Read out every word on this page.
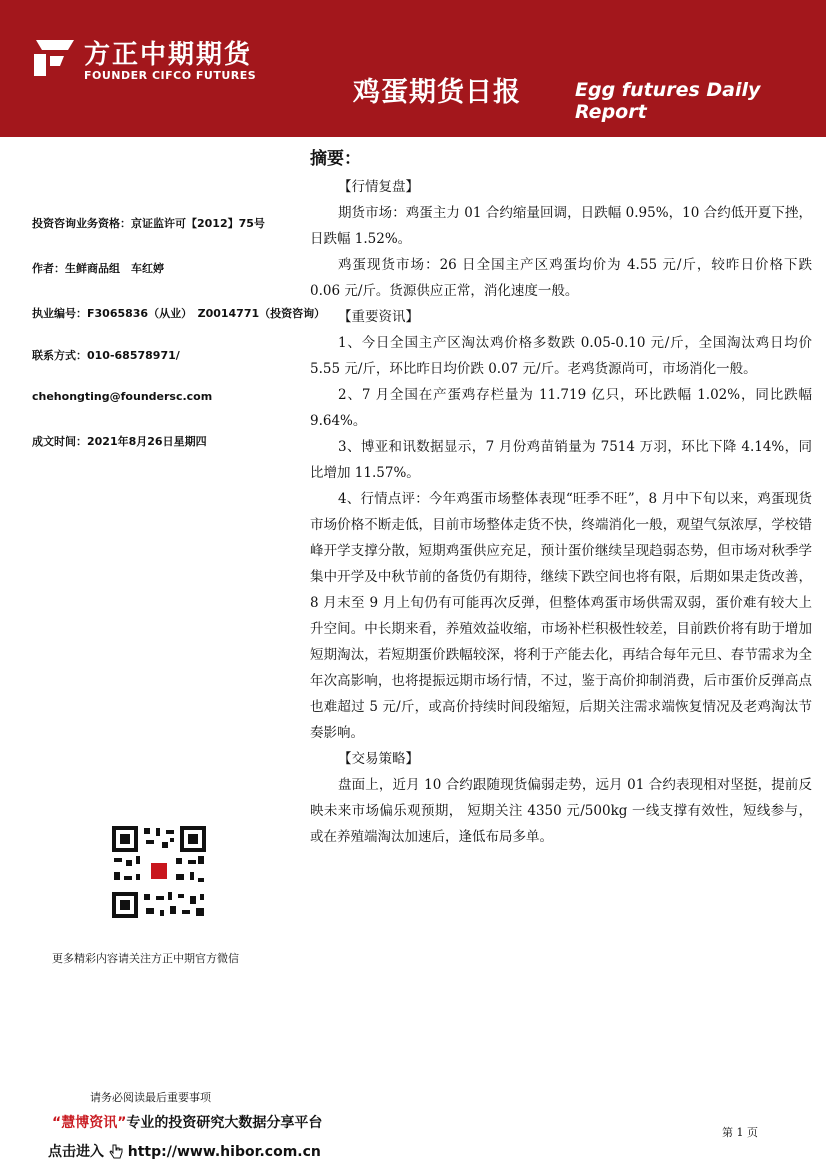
方正中期期货
FOUNDER CIFCO FUTURES
鸡蛋期货日报	Egg futures Daily Report
投资咨询业务资格：京证监许可【2012】75号
作者：生鲜商品组　车红婷
执业编号：F3065836（从业）　Z0014771（投资咨询）
联系方式：010-68578971/
chehongting@foundersc.com
成文时间：2021年8月26日星期四
更多精彩内容请关注方正中期官方微信
摘要：
【行情复盘】

期货市场：鸡蛋主力 01 合约缩量回调，日跌幅 0.95%，10 合约低开夏下挫，日跌幅 1.52%。

鸡蛋现货市场：26 日全国主产区鸡蛋均价为 4.55 元/斤，较昨日价格下跌 0.06 元/斤。货源供应正常，消化速度一般。

【重要资讯】

1、今日全国主产区淘汰鸡价格多数跌 0.05-0.10 元/斤，全国淘汰鸡日均价 5.55 元/斤，环比昨日均价跌 0.07 元/斤。老鸡货源尚可，市场消化一般。

2、7 月全国在产蛋鸡存栏量为 11.719 亿只，环比跌幅 1.02%，同比跌幅 9.64%。

3、博亚和讯数据显示，7 月份鸡苗销量为 7514 万羽，环比下降 4.14%，同比增加 11.57%。

4、行情点评：今年鸡蛋市场整体表现“旺季不旺”，8 月中下旬以来，鸡蛋现货市场价格不断走低，目前市场整体走货不快，终端消化一般，观望气氛浓厚，学校错峰开学支撑分散，短期鸡蛋供应充足，预计蛋价继续呈现趋弱态势，但市场对秋季学集中开学及中秋节前的备货仍有期待，继续下跌空间也将有限，后期如果走货改善，8 月末至 9 月上旬仍有可能再次反弹，但整体鸡蛋市场供需双弱，蛋价难有较大上升空间。中长期来看，养殖效益收缩，市场补栏积极性较差，目前跌价将有助于增加短期淘汰，若短期蛋价跌幅较深，将利于产能去化，再结合每年元旦、春节需求为全年次高影响，也将提振远期市场行情，不过，鉴于高价抑制消费，后市蛋价反弹高点也难超过 5 元/斤，或高价持续时间段缩短，后期关注需求端恢复情况及老鸡淘汰节奏影响。

【交易策略】

盘面上，近月 10 合约跟随现货偏弱走势，远月 01 合约表现相对坚挺，提前反映未来市场偏乐观预期， 短期关注 4350 元/500kg 一线支撑有效性，短线参与，或在养殖端淘汰加速后，逢低布局多单。

请务必阅读最后重要事项
“慧博资讯”专业的投资研究大数据分享平台
点击进入 http://www.hibor.com.cn
第 1 页
